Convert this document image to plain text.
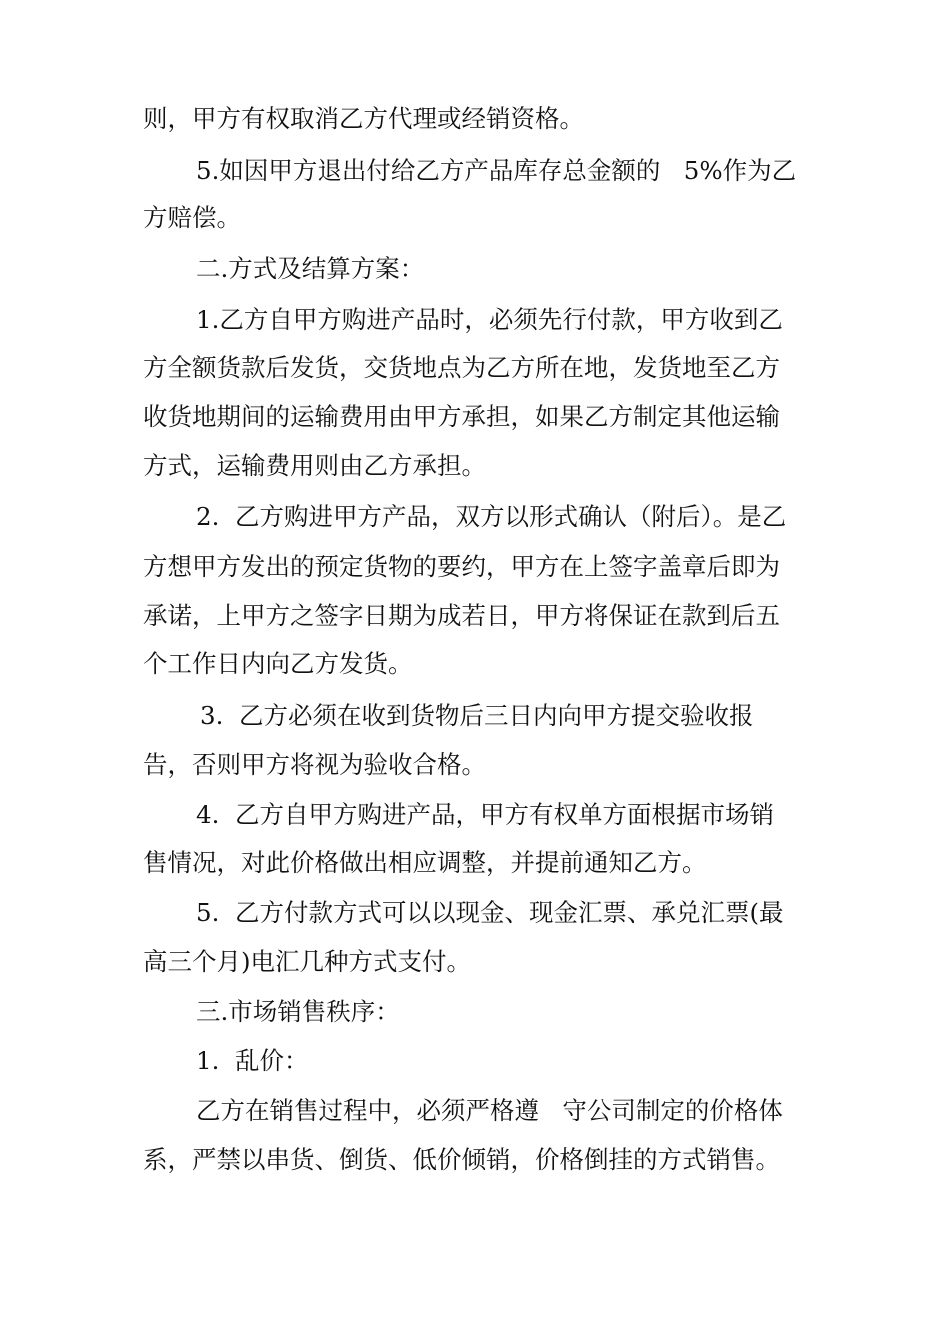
则，甲方有权取消乙方代理或经销资格。
5.如因甲方退出付给乙方产品库存总金额的   5%作为乙
方赔偿。
二.方式及结算方案：
1.乙方自甲方购进产品时，必须先行付款，甲方收到乙
方全额货款后发货，交货地点为乙方所在地，发货地至乙方
收货地期间的运输费用由甲方承担，如果乙方制定其他运输
方式，运输费用则由乙方承担。
2.  乙方购进甲方产品，双方以形式确认（附后）。是乙
方想甲方发出的预定货物的要约，甲方在上签字盖章后即为
承诺，上甲方之签字日期为成若日，甲方将保证在款到后五
个工作日内向乙方发货。
3.  乙方必须在收到货物后三日内向甲方提交验收报
告，否则甲方将视为验收合格。
4.  乙方自甲方购进产品，甲方有权单方面根据市场销
售情况，对此价格做出相应调整，并提前通知乙方。
5.  乙方付款方式可以以现金、现金汇票、承兑汇票(最
高三个月)电汇几种方式支付。
三.市场销售秩序：
1.  乱价：
乙方在销售过程中，必须严格遵   守公司制定的价格体
系，严禁以串货、倒货、低价倾销，价格倒挂的方式销售。
